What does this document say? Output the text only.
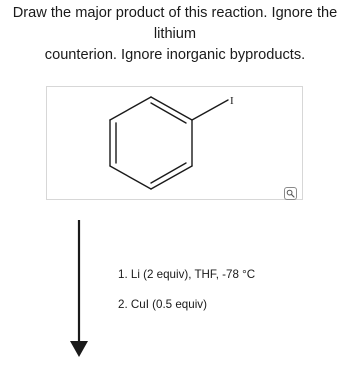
Draw the major product of this reaction. Ignore the lithium
counterion. Ignore inorganic byproducts.
I
1. Li (2 equiv), THF, -78 °C
2. CuI (0.5 equiv)
